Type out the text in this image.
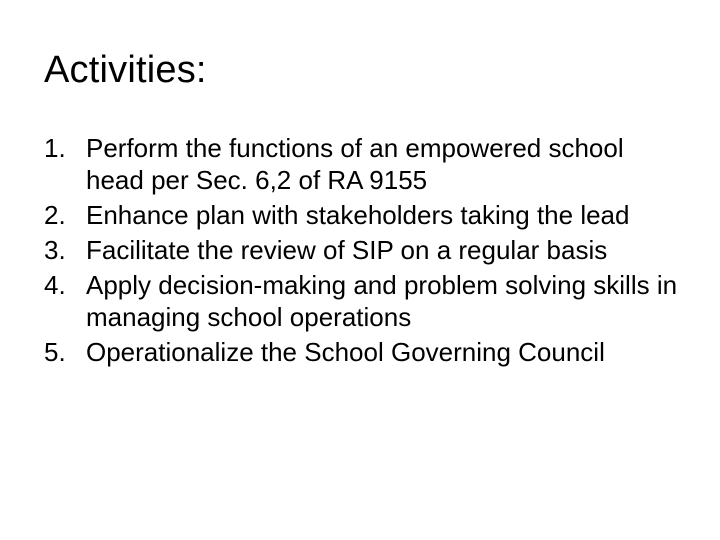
Activities:
1. Perform the functions of an empowered school head per Sec. 6,2 of RA 9155
2. Enhance plan with stakeholders taking the lead
3. Facilitate the review of SIP on a regular basis
4. Apply decision-making and problem solving skills in managing school operations
5. Operationalize the School Governing Council
